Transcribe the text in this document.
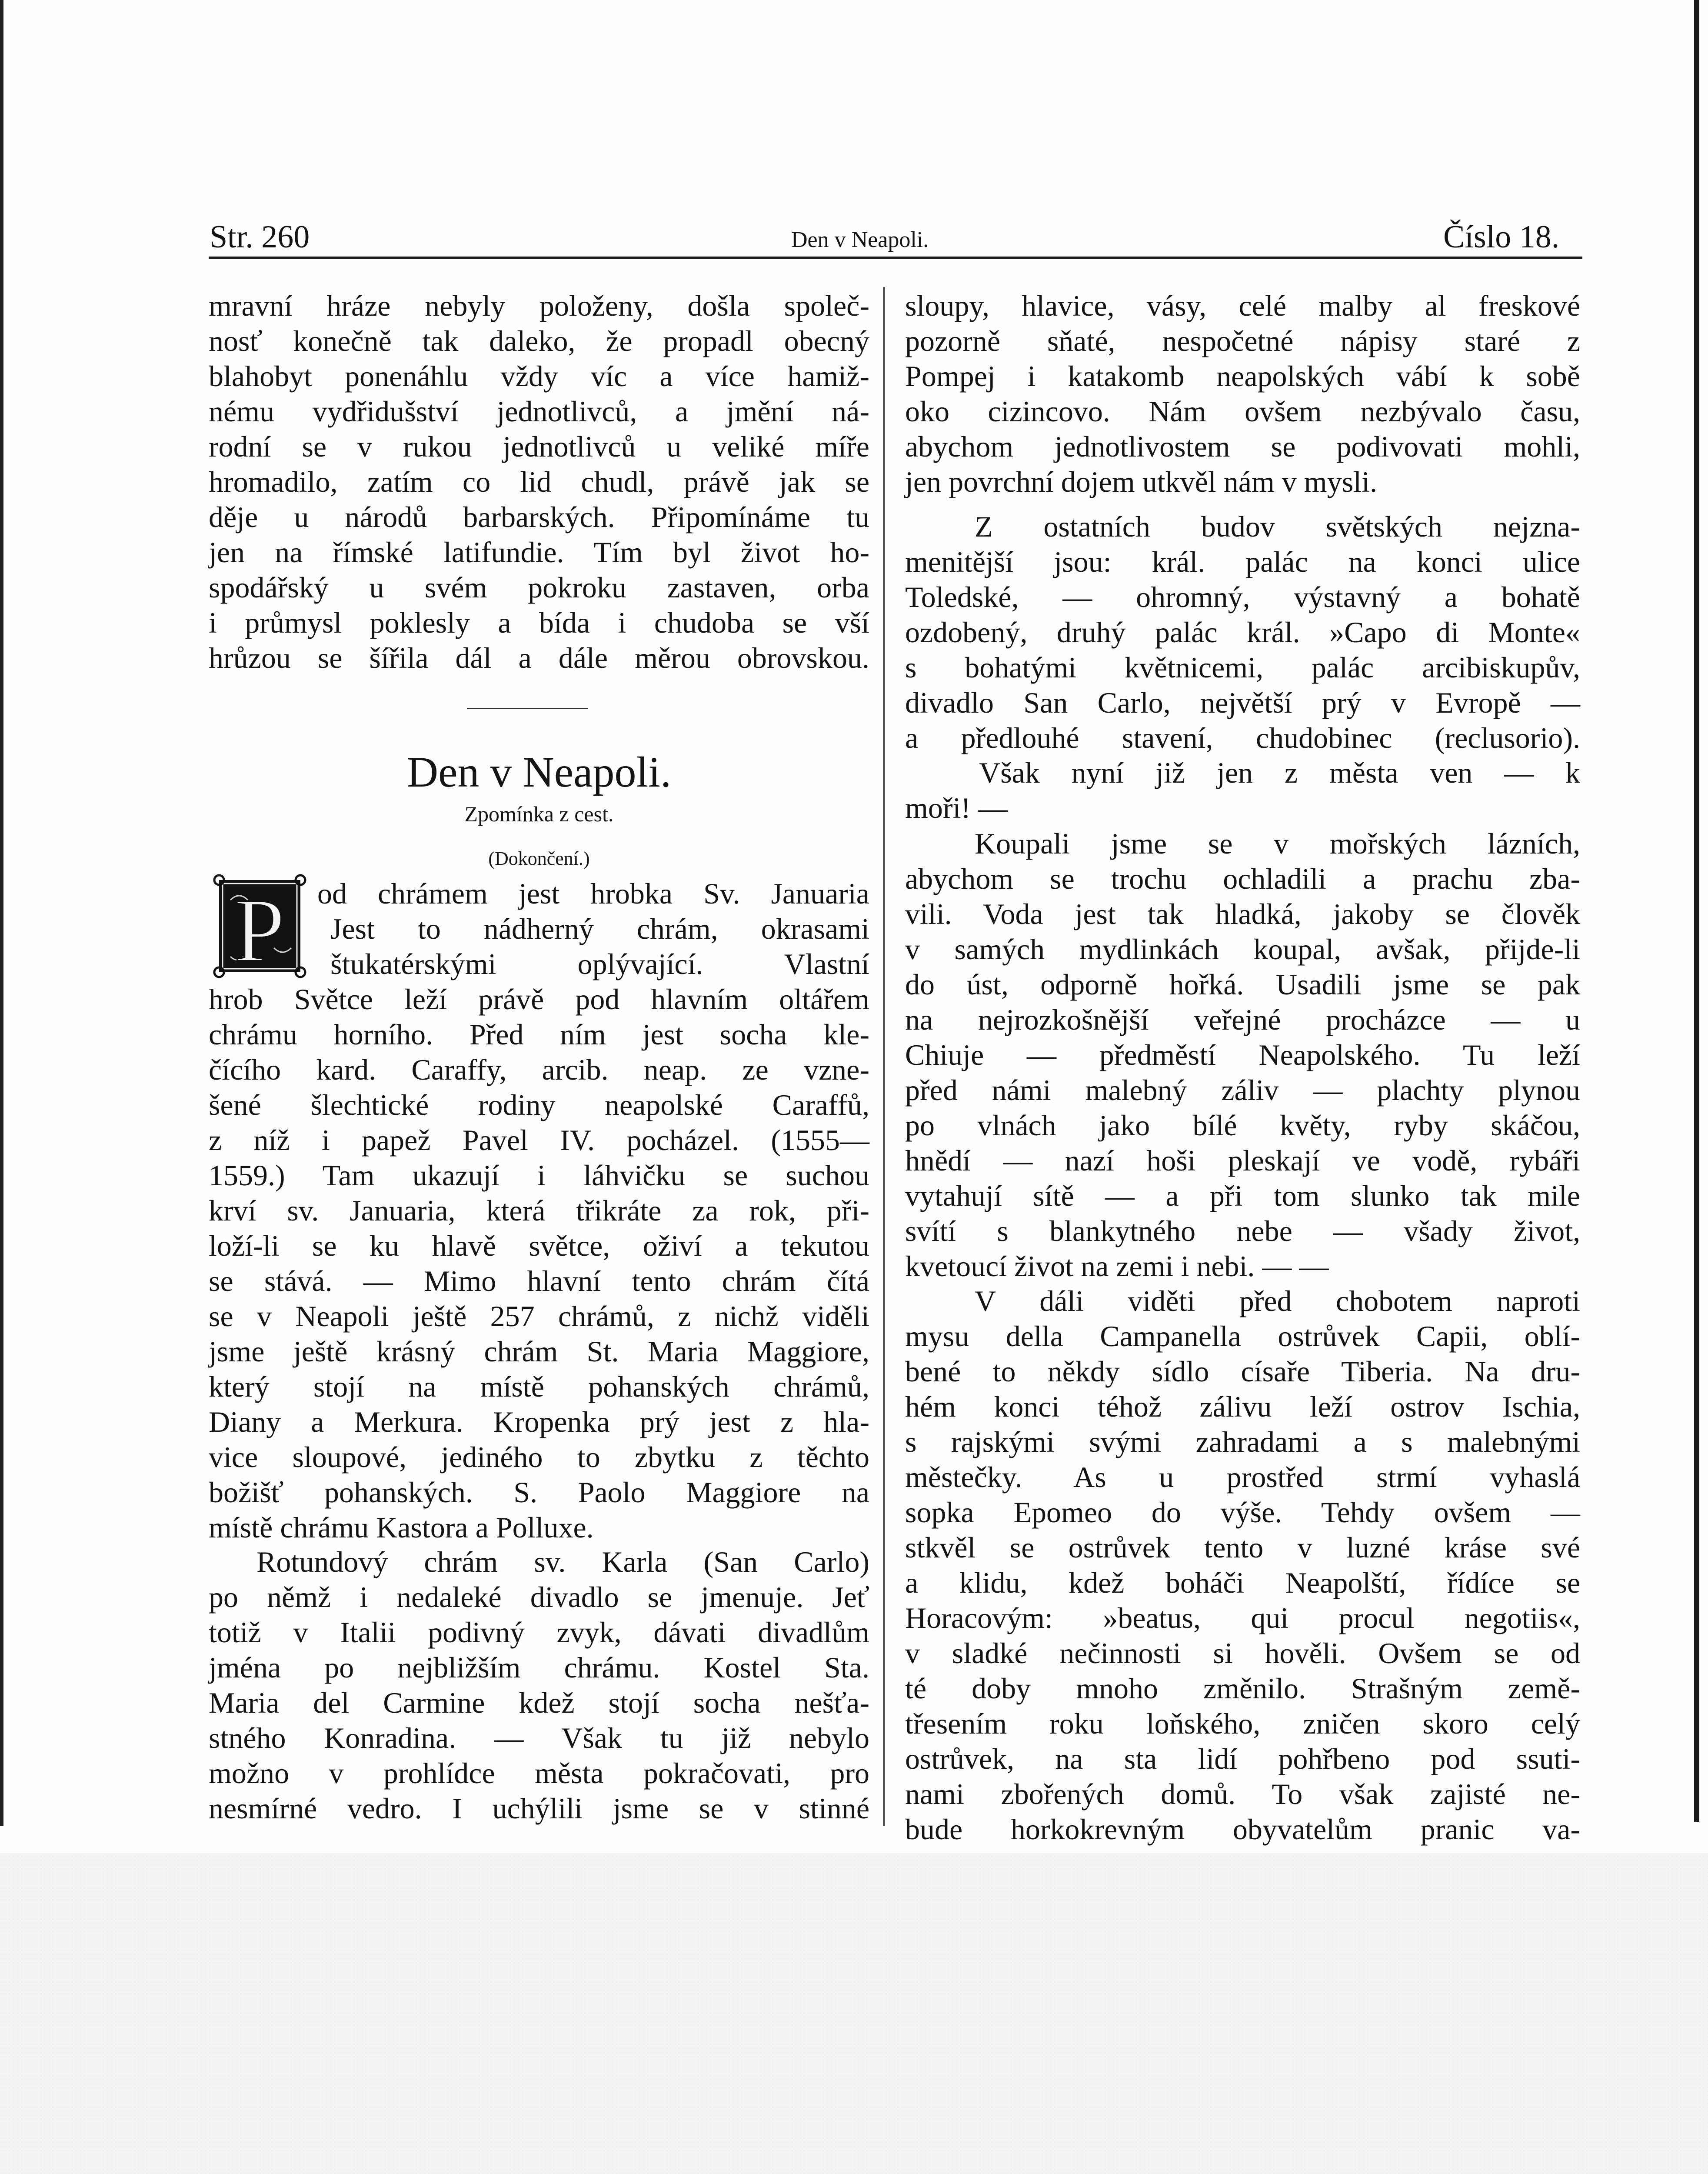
Str. 260	Den v Neapoli.	Číslo 18.
Den v Neapoli.
Zpomínka z cest.
(Dokončení.)
P
mravní hráze nebyly položeny, došla společ-
nosť konečně tak daleko, že propadl obecný
blahobyt ponenáhlu vždy víc a více hamiž-
nému vydřidušství jednotlivců, a jmění ná-
rodní se v rukou jednotlivců u veliké míře
hromadilo, zatím co lid chudl, právě jak se
děje u národů barbarských. Připomínáme tu
jen na římské latifundie. Tím byl život ho-
spodářský u svém pokroku zastaven, orba
i průmysl poklesly a bída i chudoba se vší
hrůzou se šířila dál a dále měrou obrovskou.
od chrámem jest hrobka Sv. Januaria
Jest to nádherný chrám, okrasami
štukatérskými oplývající. Vlastní
hrob Světce leží právě pod hlavním oltářem
chrámu horního. Před ním jest socha kle-
čícího kard. Caraffy, arcib. neap. ze vzne-
šené šlechtické rodiny neapolské Caraffů,
z níž i papež Pavel IV. pocházel. (1555—
1559.) Tam ukazují i láhvičku se suchou
krví sv. Januaria, která třikráte za rok, při-
loží-li se ku hlavě světce, oživí a tekutou
se stává. — Mimo hlavní tento chrám čítá
se v Neapoli ještě 257 chrámů, z nichž viděli
jsme ještě krásný chrám St. Maria Maggiore,
který stojí na místě pohanských chrámů,
Diany a Merkura. Kropenka prý jest z hla-
vice sloupové, jediného to zbytku z těchto
božišť pohanských. S. Paolo Maggiore na
místě chrámu Kastora a Polluxe.
Rotundový chrám sv. Karla (San Carlo)
po němž i nedaleké divadlo se jmenuje. Jeť
totiž v Italii podivný zvyk, dávati divadlům
jména po nejbližším chrámu. Kostel Sta.
Maria del Carmine kdež stojí socha nešťa-
stného Konradina. — Však tu již nebylo
možno v prohlídce města pokračovati, pro
nesmírné vedro. I uchýlili jsme se v stinné
sloupy, hlavice, vásy, celé malby al freskové
pozorně sňaté, nespočetné nápisy staré z
Pompej i katakomb neapolských vábí k sobě
oko cizincovo. Nám ovšem nezbývalo času,
abychom jednotlivostem se podivovati mohli,
jen povrchní dojem utkvěl nám v mysli.
Z ostatních budov světských nejzna-
menitější jsou: král. palác na konci ulice
Toledské, — ohromný, výstavný a bohatě
ozdobený, druhý palác král. »Capo di Monte«
s bohatými květnicemi, palác arcibiskupův,
divadlo San Carlo, největší prý v Evropě —
a předlouhé stavení, chudobinec (reclusorio).
Však nyní již jen z města ven — k
moři! —
Koupali jsme se v mořských lázních,
abychom se trochu ochladili a prachu zba-
vili. Voda jest tak hladká, jakoby se člověk
v samých mydlinkách koupal, avšak, přijde-li
do úst, odporně hořká. Usadili jsme se pak
na nejrozkošnější veřejné procházce — u
Chiuje — předměstí Neapolského. Tu leží
před námi malebný záliv — plachty plynou
po vlnách jako bílé květy, ryby skáčou,
hnědí — nazí hoši pleskají ve vodě, rybáři
vytahují sítě — a při tom slunko tak mile
svítí s blankytného nebe — všady život,
kvetoucí život na zemi i nebi. — —
V dáli viděti před chobotem naproti
mysu della Campanella ostrůvek Capii, oblí-
bené to někdy sídlo císaře Tiberia. Na dru-
hém konci téhož zálivu leží ostrov Ischia,
s rajskými svými zahradami a s malebnými
městečky. As u prostřed strmí vyhaslá
sopka Epomeo do výše. Tehdy ovšem —
stkvěl se ostrůvek tento v luzné kráse své
a klidu, kdež boháči Neapolští, řídíce se
Horacovým: »beatus, qui procul negotiis«,
v sladké nečinnosti si hověli. Ovšem se od
té doby mnoho změnilo. Strašným země-
třesením roku loňského, zničen skoro celý
ostrůvek, na sta lidí pohřbeno pod ssuti-
nami zbořených domů. To však zajisté ne-
bude horkokrevným obyvatelům pranic va-
